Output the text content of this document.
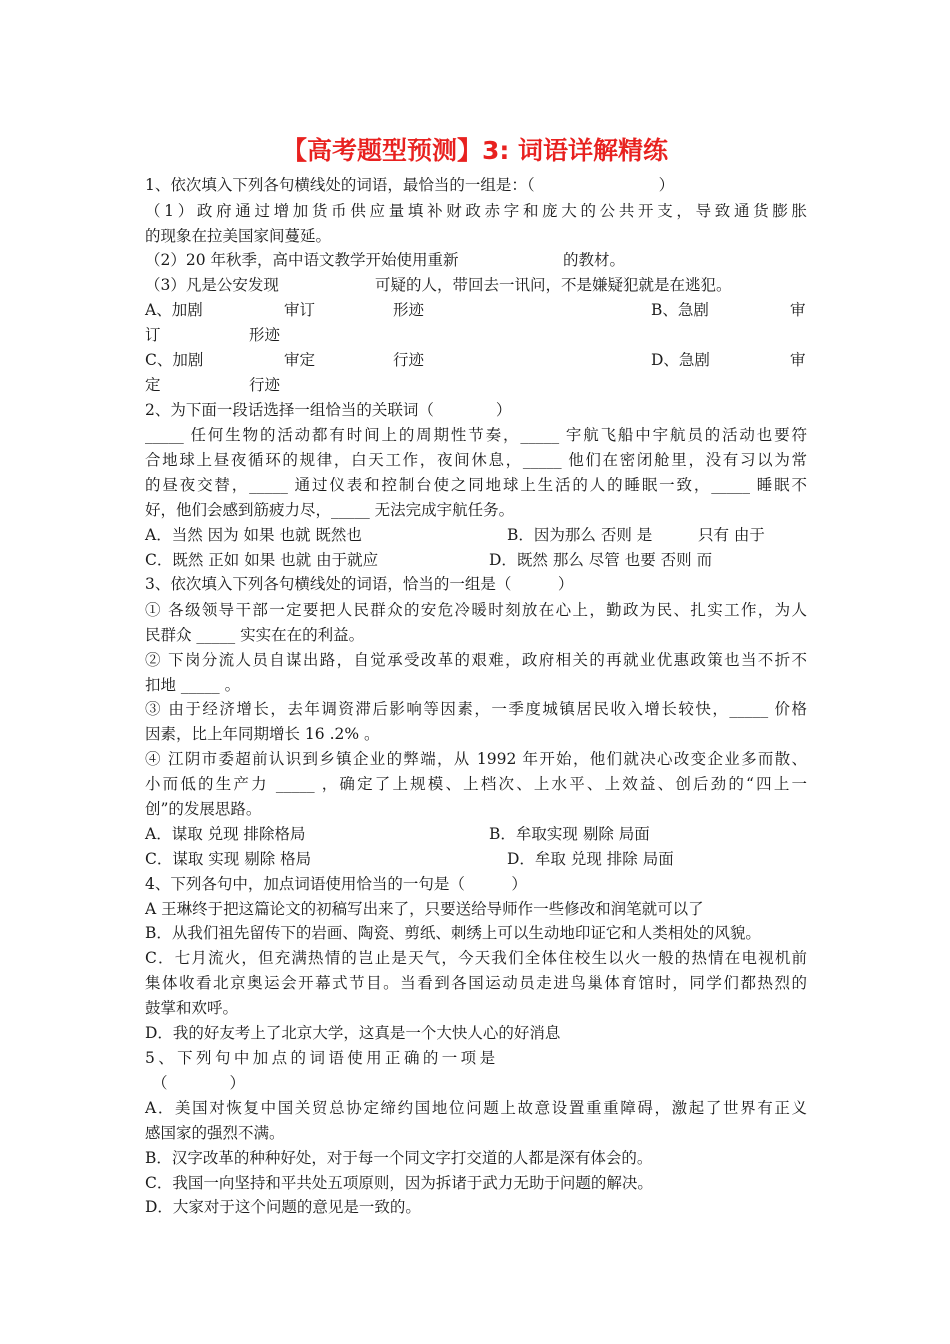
【高考题型预测】3: 词语详解精练
1、依次填入下列各句横线处的词语，最恰当的一组是：（　　　　　　　　）
（1）政府通过增加货币供应量填补财政赤字和庞大的公共开支，导致通货膨胀
的现象在拉美国家间蔓延。
（2）20 年秋季，高中语文教学开始使用重新	的教材。
（3）凡是公安发现	可疑的人，带回去一讯问，不是嫌疑犯就是在逃犯。
A、加剧	审订	形迹	B、急剧	审
订	形迹
C、加剧	审定	行迹	D、急剧	审
定	行迹
2、为下面一段话选择一组恰当的关联词（　　　　）
_____ 任何生物的活动都有时间上的周期性节奏，_____ 宇航飞船中宇航员的活动也要符
合地球上昼夜循环的规律，白天工作，夜间休息，_____ 他们在密闭舱里，没有习以为常
的昼夜交替，_____ 通过仪表和控制台使之同地球上生活的人的睡眠一致，_____ 睡眠不
好，他们会感到筋疲力尽，_____ 无法完成宇航任务。
A．当然 因为 如果 也就 既然也	B．因为那么 否则 是	只有 由于
C．既然 正如 如果 也就 由于就应	D．既然 那么 尽管 也要 否则 而
3、依次填入下列各句横线处的词语，恰当的一组是（　　　）
① 各级领导干部一定要把人民群众的安危冷暖时刻放在心上，勤政为民、扎实工作，为人
民群众 _____ 实实在在的利益。
② 下岗分流人员自谋出路，自觉承受改革的艰难，政府相关的再就业优惠政策也当不折不
扣地 _____ 。
③ 由于经济增长，去年调资滞后影响等因素，一季度城镇居民收入增长较快，_____ 价格
因素，比上年同期增长 16 .2% 。
④ 江阴市委超前认识到乡镇企业的弊端，从 1992 年开始，他们就决心改变企业多而散、
小而低的生产力 _____ ，确定了上规模、上档次、上水平、上效益、创后劲的“四上一
创”的发展思路。
A．谋取 兑现 排除格局	B．牟取实现 剔除 局面
C．谋取 实现 剔除 格局	D．牟取 兑现 排除 局面
4、下列各句中，加点词语使用恰当的一句是（　　　）
A 王琳终于把这篇论文的初稿写出来了，只要送给导师作一些修改和润笔就可以了
B．从我们祖先留传下的岩画、陶瓷、剪纸、刺绣上可以生动地印证它和人类相处的风貌。
C．七月流火，但充满热情的岂止是天气，今天我们全体住校生以火一般的热情在电视机前
集体收看北京奥运会开幕式节目。当看到各国运动员走进鸟巢体育馆时，同学们都热烈的
鼓掌和欢呼。
D．我的好友考上了北京大学，这真是一个大快人心的好消息
5、下列句中加点的词语使用正确的一项是
（　　　　）
A．美国对恢复中国关贸总协定缔约国地位问题上故意设置重重障碍，激起了世界有正义
感国家的强烈不满。
B．汉字改革的种种好处，对于每一个同文字打交道的人都是深有体会的。
C．我国一向坚持和平共处五项原则，因为拆诸于武力无助于问题的解决。
D．大家对于这个问题的意见是一致的。
